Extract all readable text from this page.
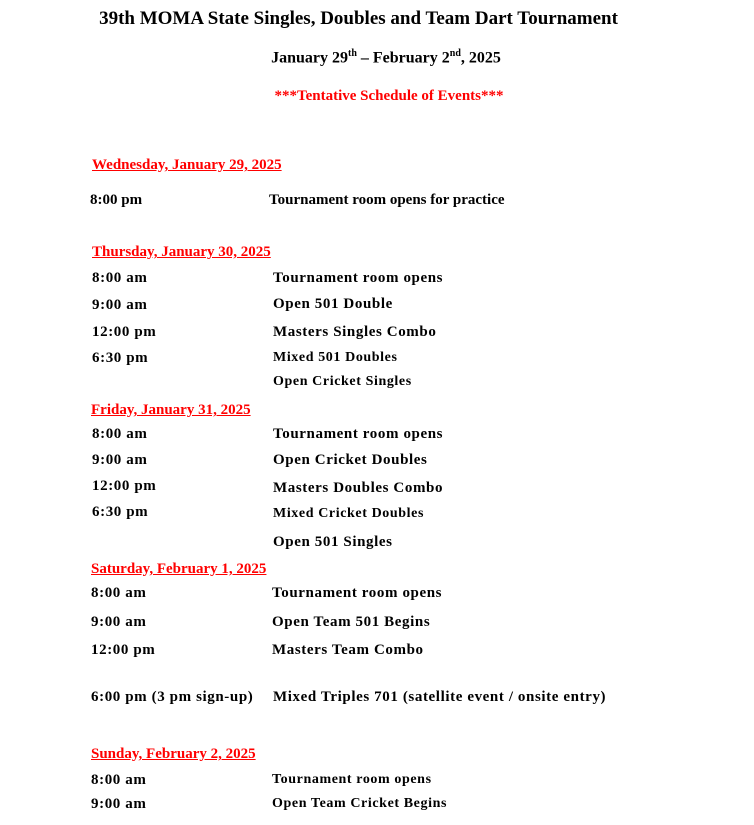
39th MOMA State Singles, Doubles and Team Dart Tournament
January 29th – February 2nd, 2025
***Tentative Schedule of Events***
Wednesday, January 29, 2025
8:00 pm	Tournament room opens for practice
Thursday, January 30, 2025
8:00 am	Tournament room opens
9:00 am	Open 501 Double
12:00 pm	Masters Singles Combo
6:30 pm	Mixed 501 Doubles
Open Cricket Singles
Friday, January 31, 2025
8:00 am	Tournament room opens
9:00 am	Open Cricket Doubles
12:00 pm	Masters Doubles Combo
6:30 pm	Mixed Cricket Doubles
Open 501 Singles
Saturday, February 1, 2025
8:00 am	Tournament room opens
9:00 am	Open Team 501 Begins
12:00 pm	Masters Team Combo
6:00 pm (3 pm sign-up) Mixed Triples 701 (satellite event / onsite entry)
Sunday, February 2, 2025
8:00 am	Tournament room opens
9:00 am	Open Team Cricket Begins
